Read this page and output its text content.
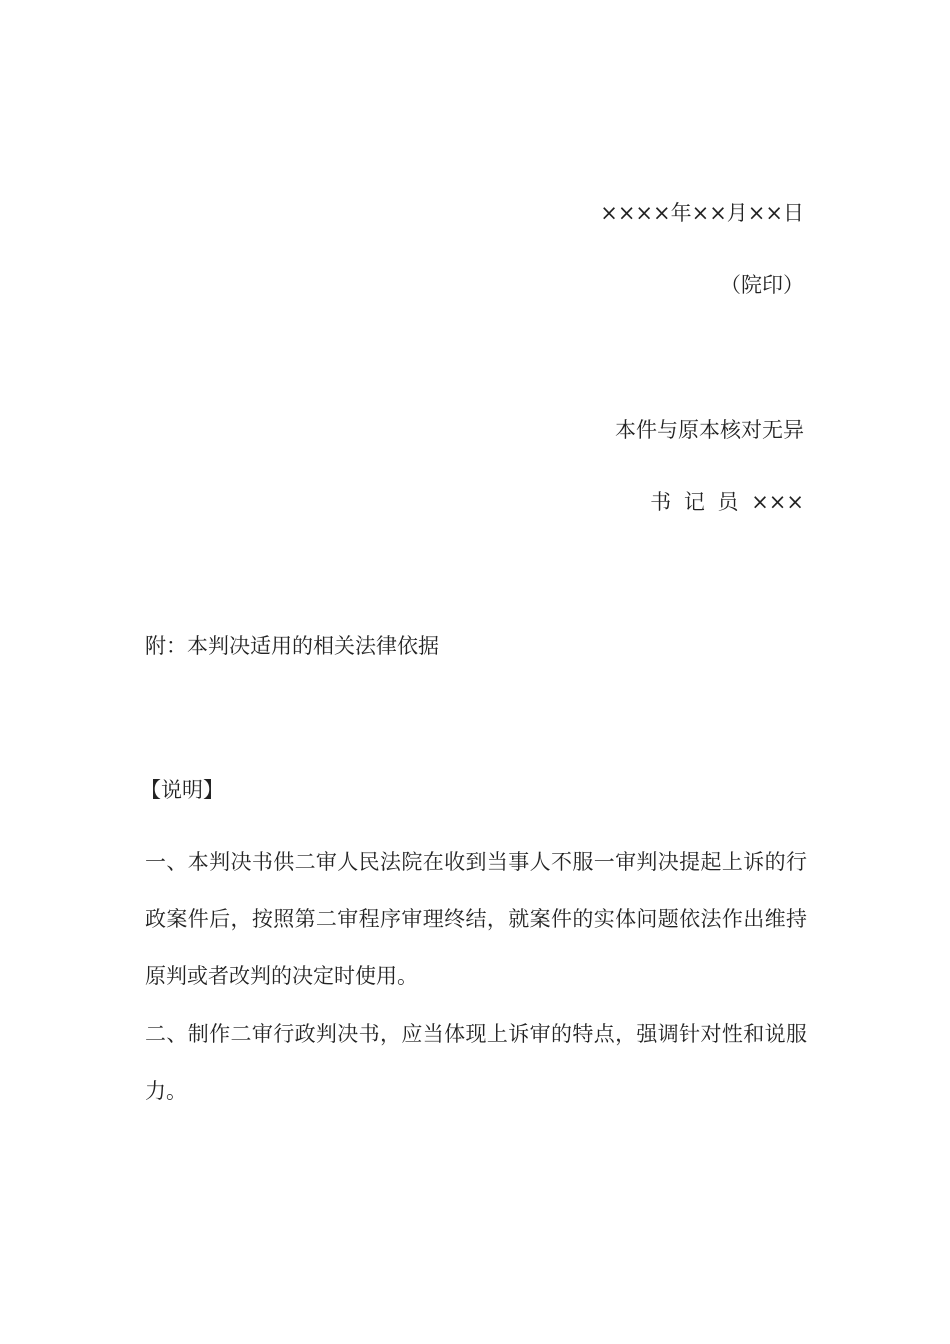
××××年××月××日
（院印）
本件与原本核对无异
书 记 员 ×××
附：本判决适用的相关法律依据
【说明】

一、本判决书供二审人民法院在收到当事人不服一审判决提起上诉的行政案件后，按照第二审程序审理终结，就案件的实体问题依法作出维持原判或者改判的决定时使用。

二、制作二审行政判决书，应当体现上诉审的特点，强调针对性和说服力。
